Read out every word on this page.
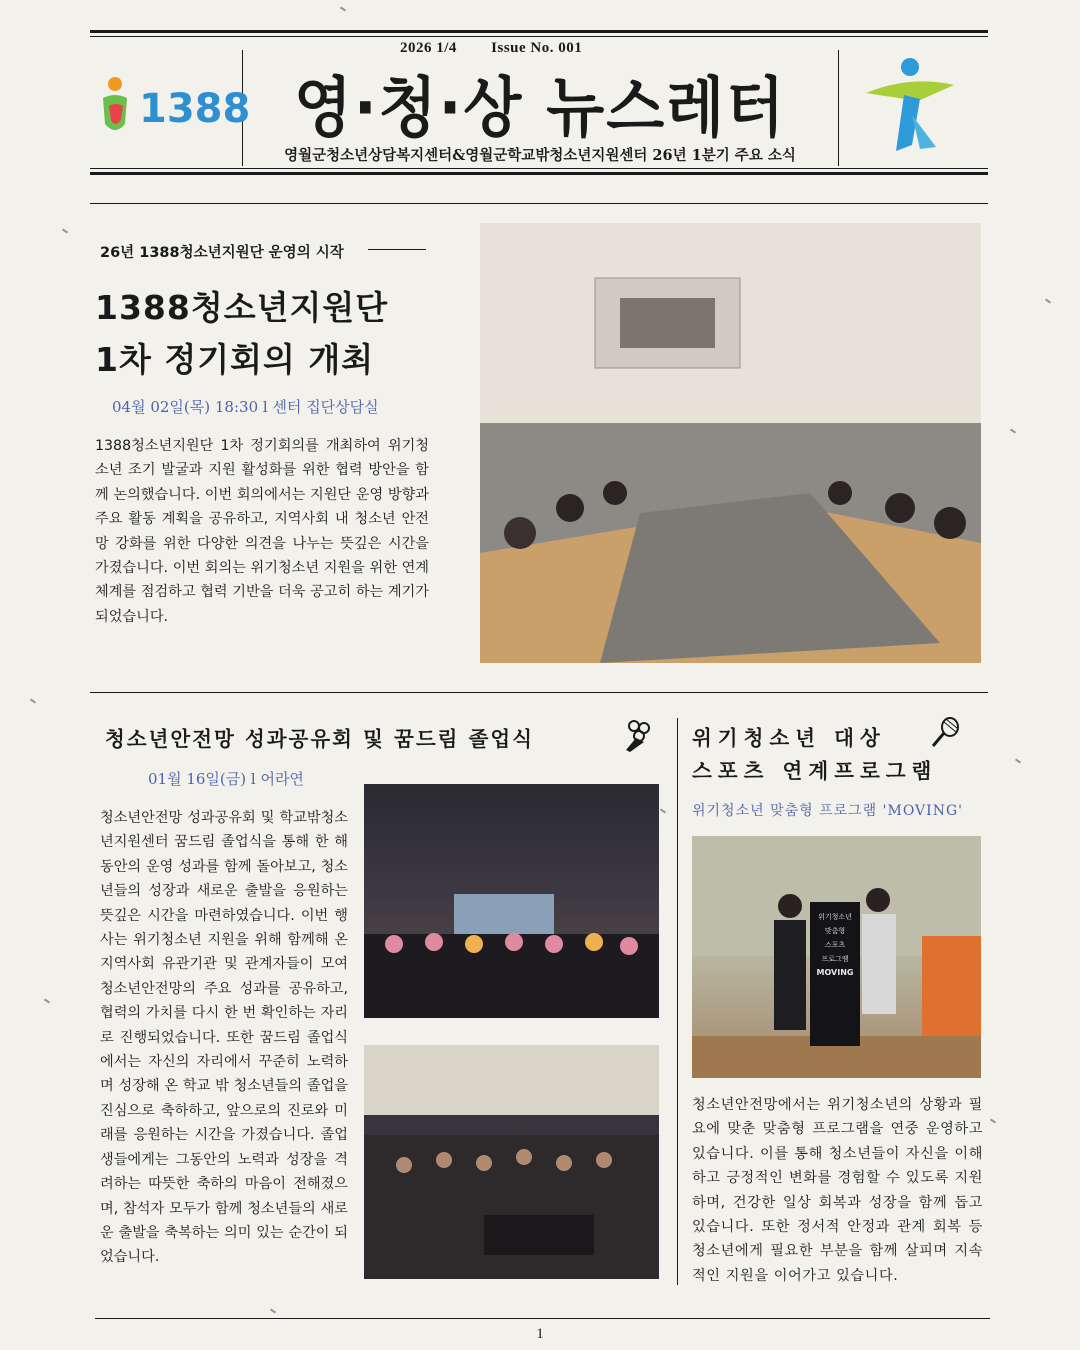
2026 1/4 Issue No. 001
영·청·상 뉴스레터
영월군청소년상담복지센터&영월군학교밖청소년지원센터 26년 1분기 주요 소식
1388
26년 1388청소년지원단 운영의 시작
1388청소년지원단
1차 정기회의 개최
04월 02일(목) 18:30 l 센터 집단상담실
1388청소년지원단 1차 정기회의를 개최하여 위기청소년 조기 발굴과 지원 활성화를 위한 협력 방안을 함께 논의했습니다. 이번 회의에서는 지원단 운영 방향과 주요 활동 계획을 공유하고, 지역사회 내 청소년 안전망 강화를 위한 다양한 의견을 나누는 뜻깊은 시간을 가졌습니다. 이번 회의는 위기청소년 지원을 위한 연계 체계를 점검하고 협력 기반을 더욱 공고히 하는 계기가 되었습니다.
청소년안전망 성과공유회 및 꿈드림 졸업식
01월 16일(금) l 어라연
청소년안전망 성과공유회 및 학교밖청소년지원센터 꿈드림 졸업식을 통해 한 해 동안의 운영 성과를 함께 돌아보고, 청소년들의 성장과 새로운 출발을 응원하는 뜻깊은 시간을 마련하였습니다. 이번 행사는 위기청소년 지원을 위해 함께해 온 지역사회 유관기관 및 관계자들이 모여 청소년안전망의 주요 성과를 공유하고, 협력의 가치를 다시 한 번 확인하는 자리로 진행되었습니다. 또한 꿈드림 졸업식에서는 자신의 자리에서 꾸준히 노력하며 성장해 온 학교 밖 청소년들의 졸업을 진심으로 축하하고, 앞으로의 진로와 미래를 응원하는 시간을 가졌습니다. 졸업생들에게는 그동안의 노력과 성장을 격려하는 따뜻한 축하의 마음이 전해졌으며, 참석자 모두가 함께 청소년들의 새로운 출발을 축복하는 의미 있는 순간이 되었습니다.
위기청소년 대상
스포츠 연계프로그램
위기청소년 맞춤형 프로그램 'MOVING'
위기청소년
맞춤형
스포츠
프로그램
MOVING
청소년안전망에서는 위기청소년의 상황과 필요에 맞춘 맞춤형 프로그램을 연중 운영하고 있습니다. 이를 통해 청소년들이 자신을 이해하고 긍정적인 변화를 경험할 수 있도록 지원하며, 건강한 일상 회복과 성장을 함께 돕고 있습니다. 또한 정서적 안정과 관계 회복 등 청소년에게 필요한 부분을 함께 살피며 지속적인 지원을 이어가고 있습니다.
1
